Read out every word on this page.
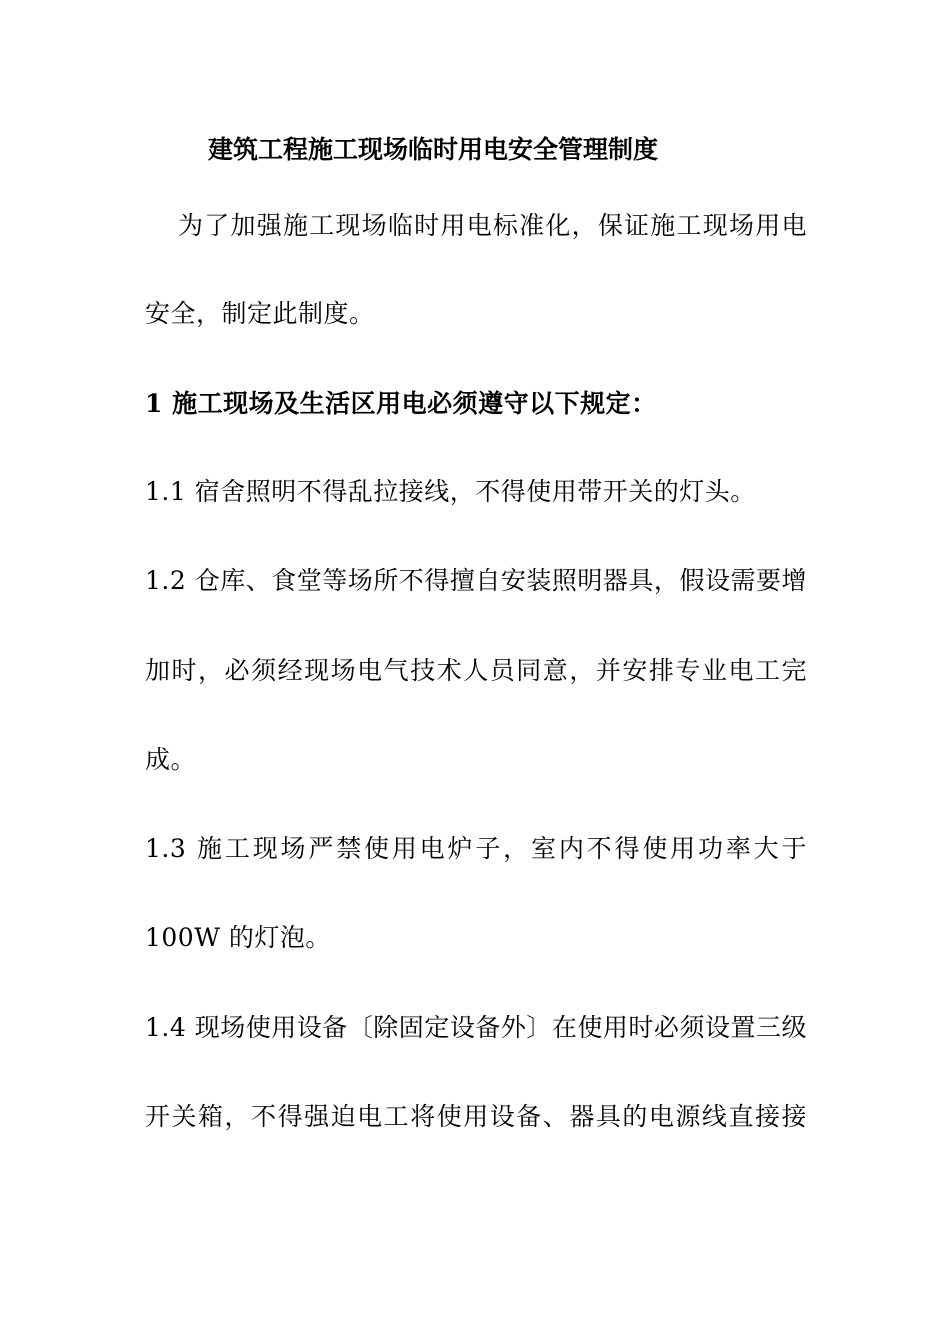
建筑工程施工现场临时用电安全管理制度
为了加强施工现场临时用电标准化，保证施工现场用电
安全，制定此制度。
1 施工现场及生活区用电必须遵守以下规定：
1.1 宿舍照明不得乱拉接线，不得使用带开关的灯头。
1.2 仓库、食堂等场所不得擅自安装照明器具，假设需要增
加时，必须经现场电气技术人员同意，并安排专业电工完
成。
1.3 施工现场严禁使用电炉子，室内不得使用功率大于
100W 的灯泡。
1.4 现场使用设备〔除固定设备外〕在使用时必须设置三级
开关箱，不得强迫电工将使用设备、器具的电源线直接接
